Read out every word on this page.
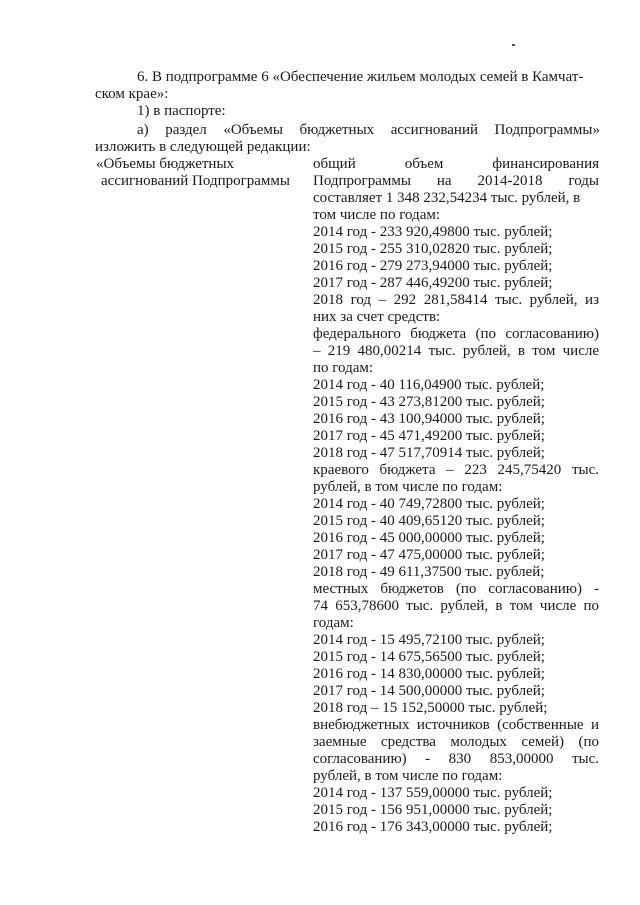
6. В подпрограмме 6 «Обеспечение жильем молодых семей в Камчат-
ском крае»:
1) в паспорте:
а) раздел «Объемы бюджетных ассигнований Подпрограммы»
изложить в следующей редакции:
«Объемы бюджетных
ассигнований Подпрограммы
общий объем финансирования
Подпрограммы на 2014-2018 годы
составляет 1 348 232,54234 тыс. рублей, в
том числе по годам:
2014 год - 233 920,49800 тыс. рублей;
2015 год - 255 310,02820 тыс. рублей;
2016 год - 279 273,94000 тыс. рублей;
2017 год - 287 446,49200 тыс. рублей;
2018 год – 292 281,58414 тыс. рублей, из
них за счет средств:
федерального бюджета (по согласованию)
– 219 480,00214 тыс. рублей, в том числе
по годам:
2014 год - 40 116,04900 тыс. рублей;
2015 год - 43 273,81200 тыс. рублей;
2016 год - 43 100,94000 тыс. рублей;
2017 год - 45 471,49200 тыс. рублей;
2018 год - 47 517,70914 тыс. рублей;
краевого бюджета – 223 245,75420 тыс.
рублей, в том числе по годам:
2014 год - 40 749,72800 тыс. рублей;
2015 год - 40 409,65120 тыс. рублей;
2016 год - 45 000,00000 тыс. рублей;
2017 год - 47 475,00000 тыс. рублей;
2018 год - 49 611,37500 тыс. рублей;
местных бюджетов (по согласованию) -
74 653,78600 тыс. рублей, в том числе по
годам:
2014 год - 15 495,72100 тыс. рублей;
2015 год - 14 675,56500 тыс. рублей;
2016 год - 14 830,00000 тыс. рублей;
2017 год - 14 500,00000 тыс. рублей;
2018 год – 15 152,50000 тыс. рублей;
внебюджетных источников (собственные и
заемные средства молодых семей) (по
согласованию) - 830 853,00000 тыс.
рублей, в том числе по годам:
2014 год - 137 559,00000 тыс. рублей;
2015 год - 156 951,00000 тыс. рублей;
2016 год - 176 343,00000 тыс. рублей;
